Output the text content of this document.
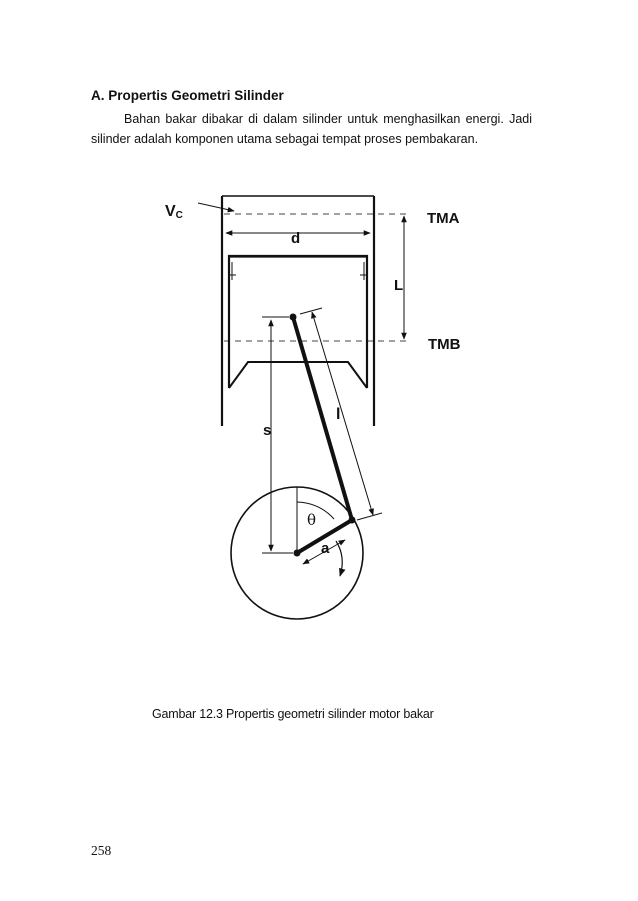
A. Propertis Geometri Silinder

Bahan bakar dibakar di dalam silinder untuk menghasilkan energi. Jadi silinder adalah komponen utama sebagai tempat proses pembakaran.

VC	TMA
d
L
TMB
l
s
θ
a

Gambar 12.3 Propertis geometri silinder motor bakar

258
